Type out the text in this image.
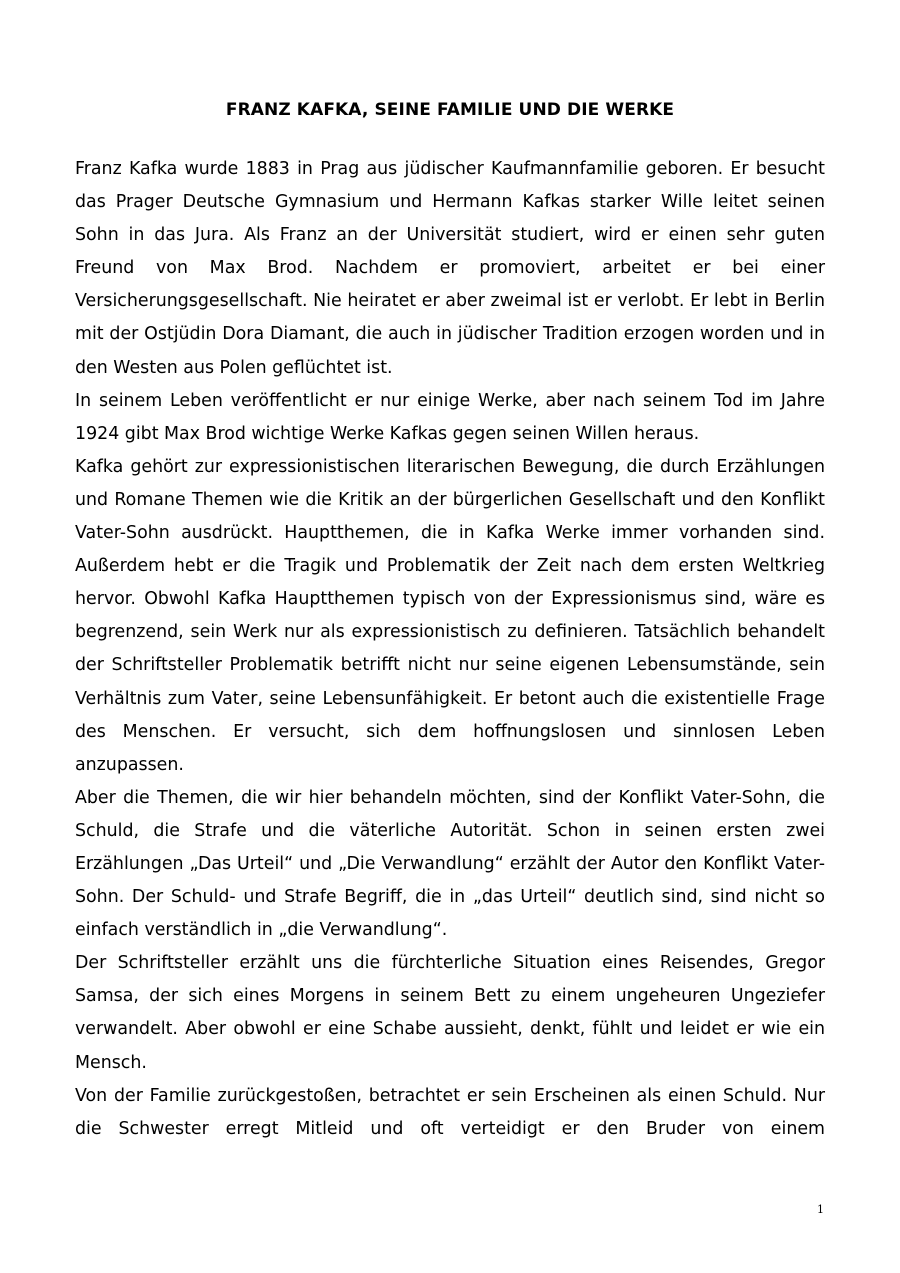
FRANZ KAFKA, SEINE FAMILIE UND DIE WERKE

Franz Kafka wurde 1883 in Prag aus jüdischer Kaufmannfamilie geboren. Er besucht das Prager Deutsche Gymnasium und Hermann Kafkas starker Wille leitet seinen Sohn in das Jura. Als Franz an der Universität studiert, wird er einen sehr guten Freund von Max Brod. Nachdem er promoviert, arbeitet er bei einer Versicherungsgesellschaft. Nie heiratet er aber zweimal ist er verlobt. Er lebt in Berlin mit der Ostjüdin Dora Diamant, die auch in jüdischer Tradition erzogen worden und in den Westen aus Polen geflüchtet ist.

In seinem Leben veröffentlicht er nur einige Werke, aber nach seinem Tod im Jahre 1924 gibt Max Brod wichtige Werke Kafkas gegen seinen Willen heraus.

Kafka gehört zur expressionistischen literarischen Bewegung, die durch Erzählungen und Romane Themen wie die Kritik an der bürgerlichen Gesellschaft und den Konflikt Vater-Sohn ausdrückt. Hauptthemen, die in Kafka Werke immer vorhanden sind. Außerdem hebt er die Tragik und Problematik der Zeit nach dem ersten Weltkrieg hervor. Obwohl Kafka Hauptthemen typisch von der Expressionismus sind, wäre es begrenzend, sein Werk nur als expressionistisch zu definieren. Tatsächlich behandelt der Schriftsteller Problematik betrifft nicht nur seine eigenen Lebensumstände, sein Verhältnis zum Vater, seine Lebensunfähigkeit. Er betont auch die existentielle Frage des Menschen. Er versucht, sich dem hoffnungslosen und sinnlosen Leben anzupassen.

Aber die Themen, die wir hier behandeln möchten, sind der Konflikt Vater-Sohn, die Schuld, die Strafe und die väterliche Autorität. Schon in seinen ersten zwei Erzählungen „Das Urteil“ und „Die Verwandlung“ erzählt der Autor den Konflikt Vater-Sohn. Der Schuld- und Strafe Begriff, die in „das Urteil“ deutlich sind, sind nicht so einfach verständlich in „die Verwandlung“.

Der Schriftsteller erzählt uns die fürchterliche Situation eines Reisendes, Gregor Samsa, der sich eines Morgens in seinem Bett zu einem ungeheuren Ungeziefer verwandelt. Aber obwohl er eine Schabe aussieht, denkt, fühlt und leidet er wie ein Mensch.

Von der Familie zurückgestoßen, betrachtet er sein Erscheinen als einen Schuld. Nur die Schwester erregt Mitleid und oft verteidigt er den Bruder von einem

1
